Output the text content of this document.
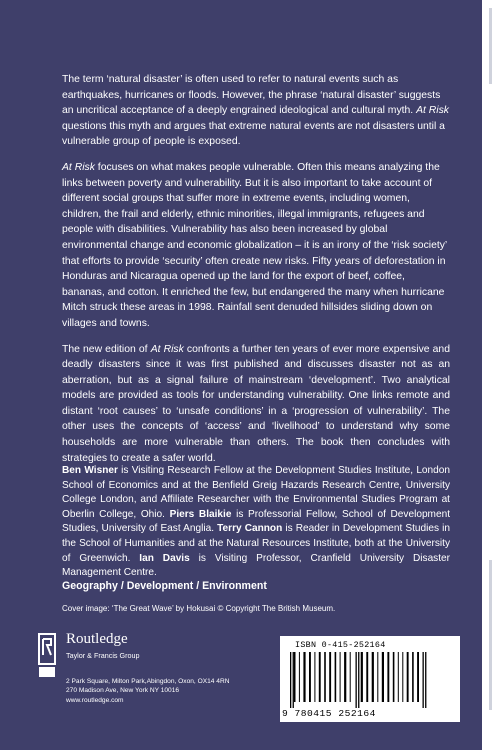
The term ‘natural disaster’ is often used to refer to natural events such as earthquakes, hurricanes or floods. However, the phrase ‘natural disaster’ suggests an uncritical acceptance of a deeply engrained ideological and cultural myth. At Risk questions this myth and argues that extreme natural events are not disasters until a vulnerable group of people is exposed.

At Risk focuses on what makes people vulnerable. Often this means analyzing the links between poverty and vulnerability. But it is also important to take account of different social groups that suffer more in extreme events, including women, children, the frail and elderly, ethnic minorities, illegal immigrants, refugees and people with disabilities. Vulnerability has also been increased by global environmental change and economic globalization – it is an irony of the ‘risk society’ that efforts to provide ‘security’ often create new risks. Fifty years of deforestation in Honduras and Nicaragua opened up the land for the export of beef, coffee, bananas, and cotton. It enriched the few, but endangered the many when hurricane Mitch struck these areas in 1998. Rainfall sent denuded hillsides sliding down on villages and towns.

The new edition of At Risk confronts a further ten years of ever more expensive and deadly disasters since it was first published and discusses disaster not as an aberration, but as a signal failure of mainstream ‘development’. Two analytical models are provided as tools for understanding vulnerability. One links remote and distant ‘root causes’ to ‘unsafe conditions’ in a ‘progression of vulnerability’. The other uses the concepts of ‘access’ and ‘livelihood’ to understand why some households are more vulnerable than others. The book then concludes with strategies to create a safer world.

Ben Wisner is Visiting Research Fellow at the Development Studies Institute, London School of Economics and at the Benfield Greig Hazards Research Centre, University College London, and Affiliate Researcher with the Environmental Studies Program at Oberlin College, Ohio. Piers Blaikie is Professorial Fellow, School of Development Studies, University of East Anglia. Terry Cannon is Reader in Development Studies in the School of Humanities and at the Natural Resources Institute, both at the University of Greenwich. Ian Davis is Visiting Professor, Cranfield University Disaster Management Centre.
Geography / Development / Environment
Cover image: ‘The Great Wave’ by Hokusai © Copyright The British Museum.
Routledge
Taylor & Francis Group
2 Park Square, Milton Park,Abingdon, Oxon, OX14 4RN
270 Madison Ave, New York NY 10016
www.routledge.com
ISBN 0-415-252164
9 780415 252164
